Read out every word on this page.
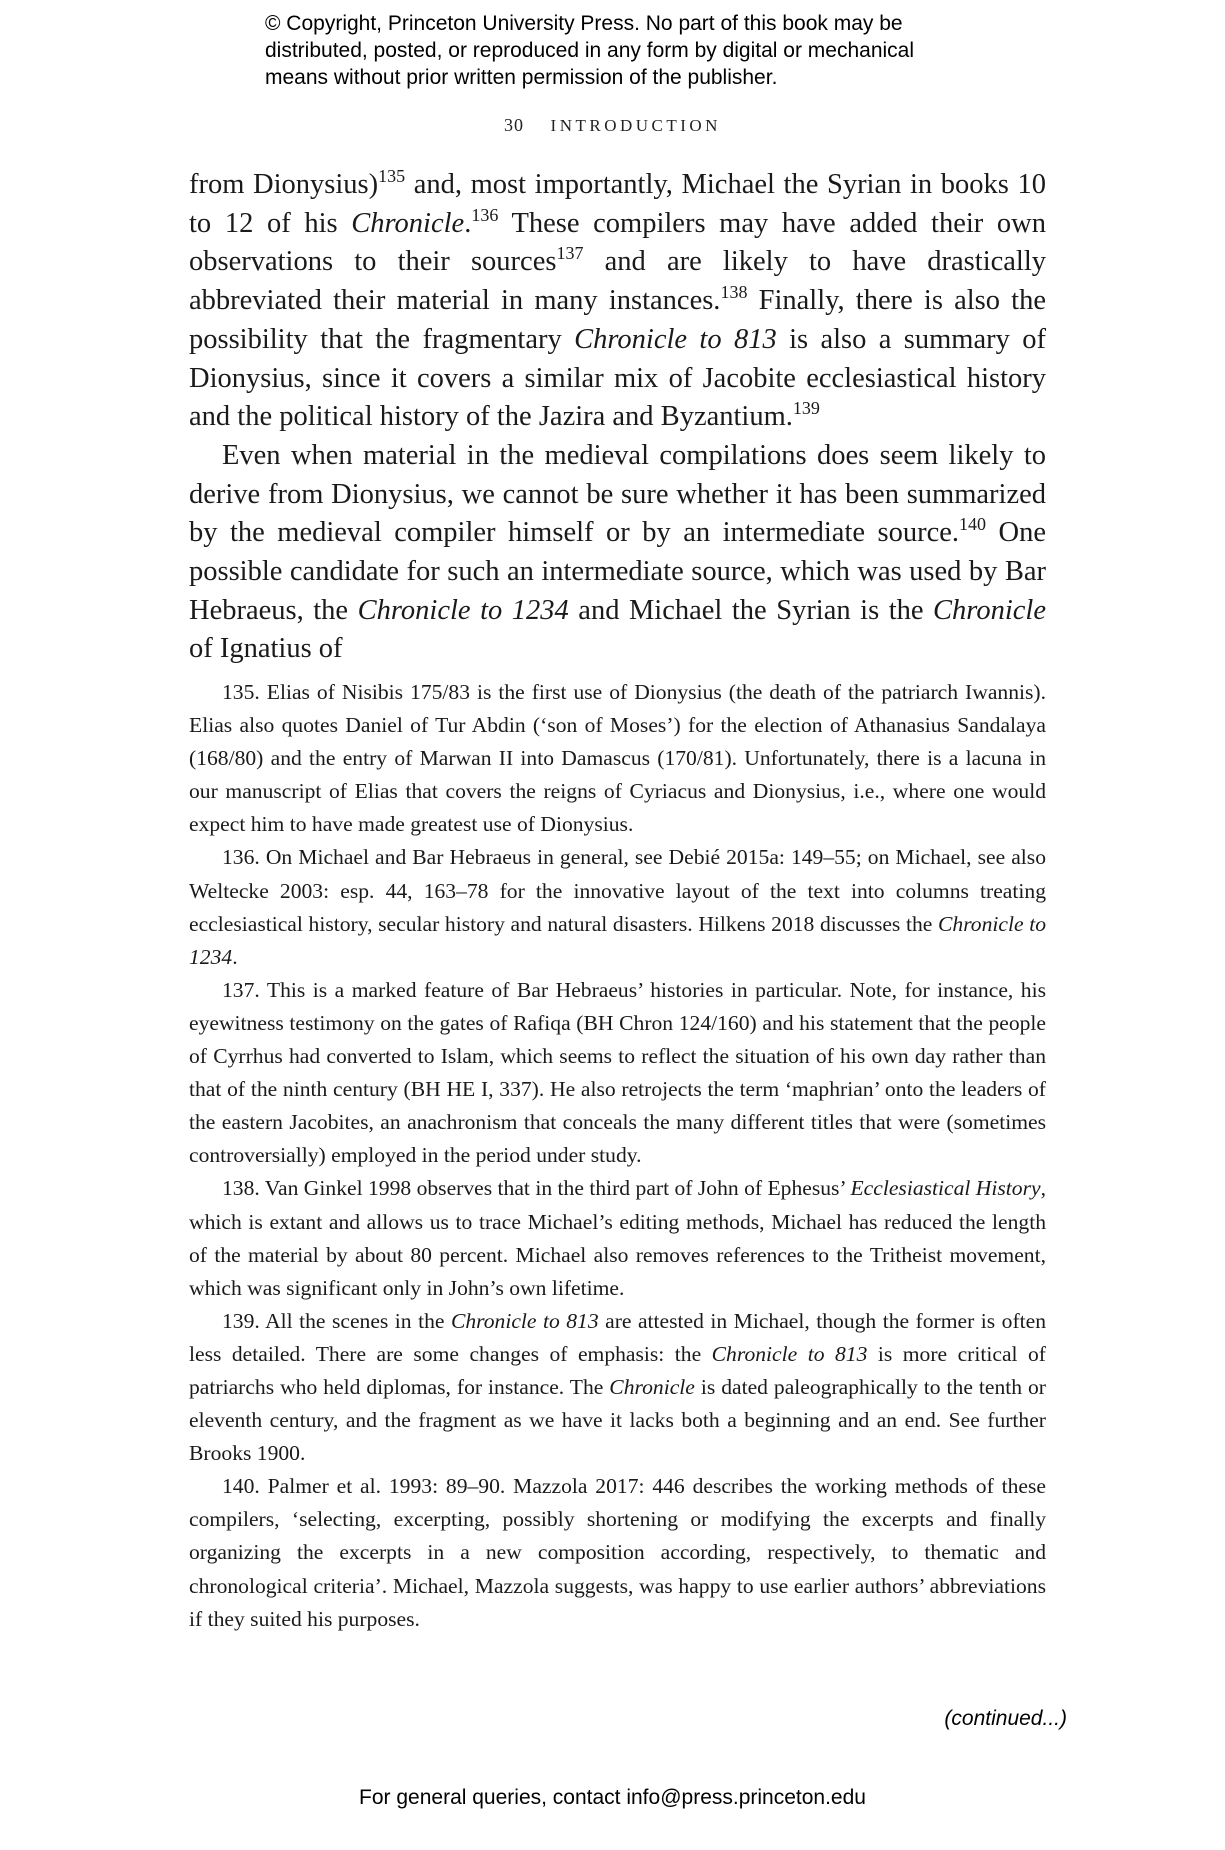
© Copyright, Princeton University Press. No part of this book may be
distributed, posted, or reproduced in any form by digital or mechanical
means without prior written permission of the publisher.
30 INTRODUCTION

from Dionysius)$^{135}$ and, most importantly, Michael the Syrian in books 10 to 12 of his Chronicle.$^{136}$ These compilers may have added their own observations to their sources$^{137}$ and are likely to have drastically abbreviated their material in many instances.$^{138}$ Finally, there is also the possibility that the fragmentary Chronicle to 813 is also a summary of Dionysius, since it covers a similar mix of Jacobite ecclesiastical history and the political history of the Jazira and Byzantium.$^{139}$

Even when material in the medieval compilations does seem likely to derive from Dionysius, we cannot be sure whether it has been summarized by the medieval compiler himself or by an intermediate source.$^{140}$ One possible candidate for such an intermediate source, which was used by Bar Hebraeus, the Chronicle to 1234 and Michael the Syrian is the Chronicle of Ignatius of

135. Elias of Nisibis 175/83 is the first use of Dionysius (the death of the patriarch Iwannis). Elias also quotes Daniel of Tur Abdin (‘son of Moses’) for the election of Athanasius Sandalaya (168/80) and the entry of Marwan II into Damascus (170/81). Unfortunately, there is a lacuna in our manuscript of Elias that covers the reigns of Cyriacus and Dionysius, i.e., where one would expect him to have made greatest use of Dionysius.

136. On Michael and Bar Hebraeus in general, see Debié 2015a: 149–55; on Michael, see also Weltecke 2003: esp. 44, 163–78 for the innovative layout of the text into columns treating ecclesiastical history, secular history and natural disasters. Hilkens 2018 discusses the Chronicle to 1234.

137. This is a marked feature of Bar Hebraeus’ histories in particular. Note, for instance, his eyewitness testimony on the gates of Rafiqa (BH Chron 124/160) and his statement that the people of Cyrrhus had converted to Islam, which seems to reflect the situation of his own day rather than that of the ninth century (BH HE I, 337). He also retrojects the term ‘maphrian’ onto the leaders of the eastern Jacobites, an anachronism that conceals the many different titles that were (sometimes controversially) employed in the period under study.

138. Van Ginkel 1998 observes that in the third part of John of Ephesus’ Ecclesiastical History, which is extant and allows us to trace Michael’s editing methods, Michael has reduced the length of the material by about 80 percent. Michael also removes references to the Tritheist movement, which was significant only in John’s own lifetime.

139. All the scenes in the Chronicle to 813 are attested in Michael, though the former is often less detailed. There are some changes of emphasis: the Chronicle to 813 is more critical of patriarchs who held diplomas, for instance. The Chronicle is dated paleographically to the tenth or eleventh century, and the fragment as we have it lacks both a beginning and an end. See further Brooks 1900.

140. Palmer et al. 1993: 89–90. Mazzola 2017: 446 describes the working methods of these compilers, ‘selecting, excerpting, possibly shortening or modifying the excerpts and finally organizing the excerpts in a new composition according, respectively, to thematic and chronological criteria’. Michael, Mazzola suggests, was happy to use earlier authors’ abbreviations if they suited his purposes.

(continued...)
For general queries, contact info@press.princeton.edu
